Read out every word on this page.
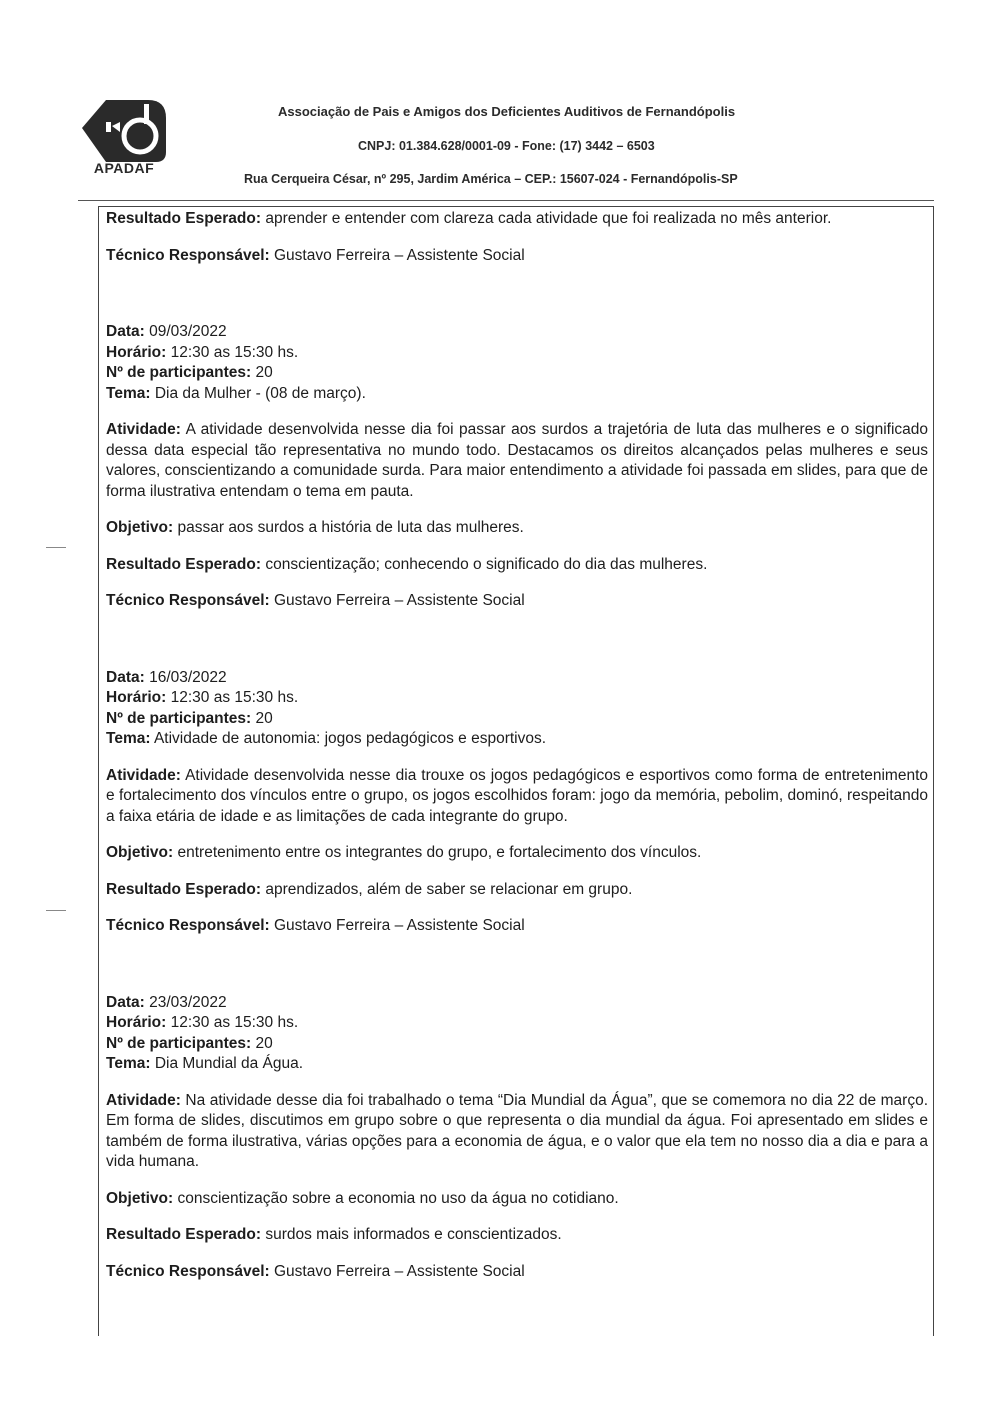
APADAF
Associação de Pais e Amigos dos Deficientes Auditivos de Fernandópolis
CNPJ: 01.384.628/0001-09 - Fone: (17) 3442 – 6503
Rua Cerqueira César, nº 295, Jardim América – CEP.: 15607-024 - Fernandópolis-SP

Resultado Esperado: aprender e entender com clareza cada atividade que foi realizada no mês anterior.

Técnico Responsável: Gustavo Ferreira – Assistente Social

Data: 09/03/2022

Horário: 12:30 as 15:30 hs.

Nº de participantes: 20

Tema: Dia da Mulher - (08 de março).

Atividade: A atividade desenvolvida nesse dia foi passar aos surdos a trajetória de luta das mulheres e o significado dessa data especial tão representativa no mundo todo. Destacamos os direitos alcançados pelas mulheres e seus valores, conscientizando a comunidade surda. Para maior entendimento a atividade foi passada em slides, para que de forma ilustrativa entendam o tema em pauta.

Objetivo: passar aos surdos a história de luta das mulheres.

Resultado Esperado: conscientização; conhecendo o significado do dia das mulheres.

Técnico Responsável: Gustavo Ferreira – Assistente Social

Data: 16/03/2022

Horário: 12:30 as 15:30 hs.

Nº de participantes: 20

Tema: Atividade de autonomia: jogos pedagógicos e esportivos.

Atividade: Atividade desenvolvida nesse dia trouxe os jogos pedagógicos e esportivos como forma de entretenimento e fortalecimento dos vínculos entre o grupo, os jogos escolhidos foram: jogo da memória, pebolim, dominó, respeitando a faixa etária de idade e as limitações de cada integrante do grupo.

Objetivo: entretenimento entre os integrantes do grupo, e fortalecimento dos vínculos.

Resultado Esperado: aprendizados, além de saber se relacionar em grupo.

Técnico Responsável: Gustavo Ferreira – Assistente Social

Data: 23/03/2022

Horário: 12:30 as 15:30 hs.

Nº de participantes: 20

Tema: Dia Mundial da Água.

Atividade: Na atividade desse dia foi trabalhado o tema “Dia Mundial da Água”, que se comemora no dia 22 de março. Em forma de slides, discutimos em grupo sobre o que representa o dia mundial da água. Foi apresentado em slides e também de forma ilustrativa, várias opções para a economia de água, e o valor que ela tem no nosso dia a dia e para a vida humana.

Objetivo: conscientização sobre a economia no uso da água no cotidiano.

Resultado Esperado: surdos mais informados e conscientizados.

Técnico Responsável: Gustavo Ferreira – Assistente Social
